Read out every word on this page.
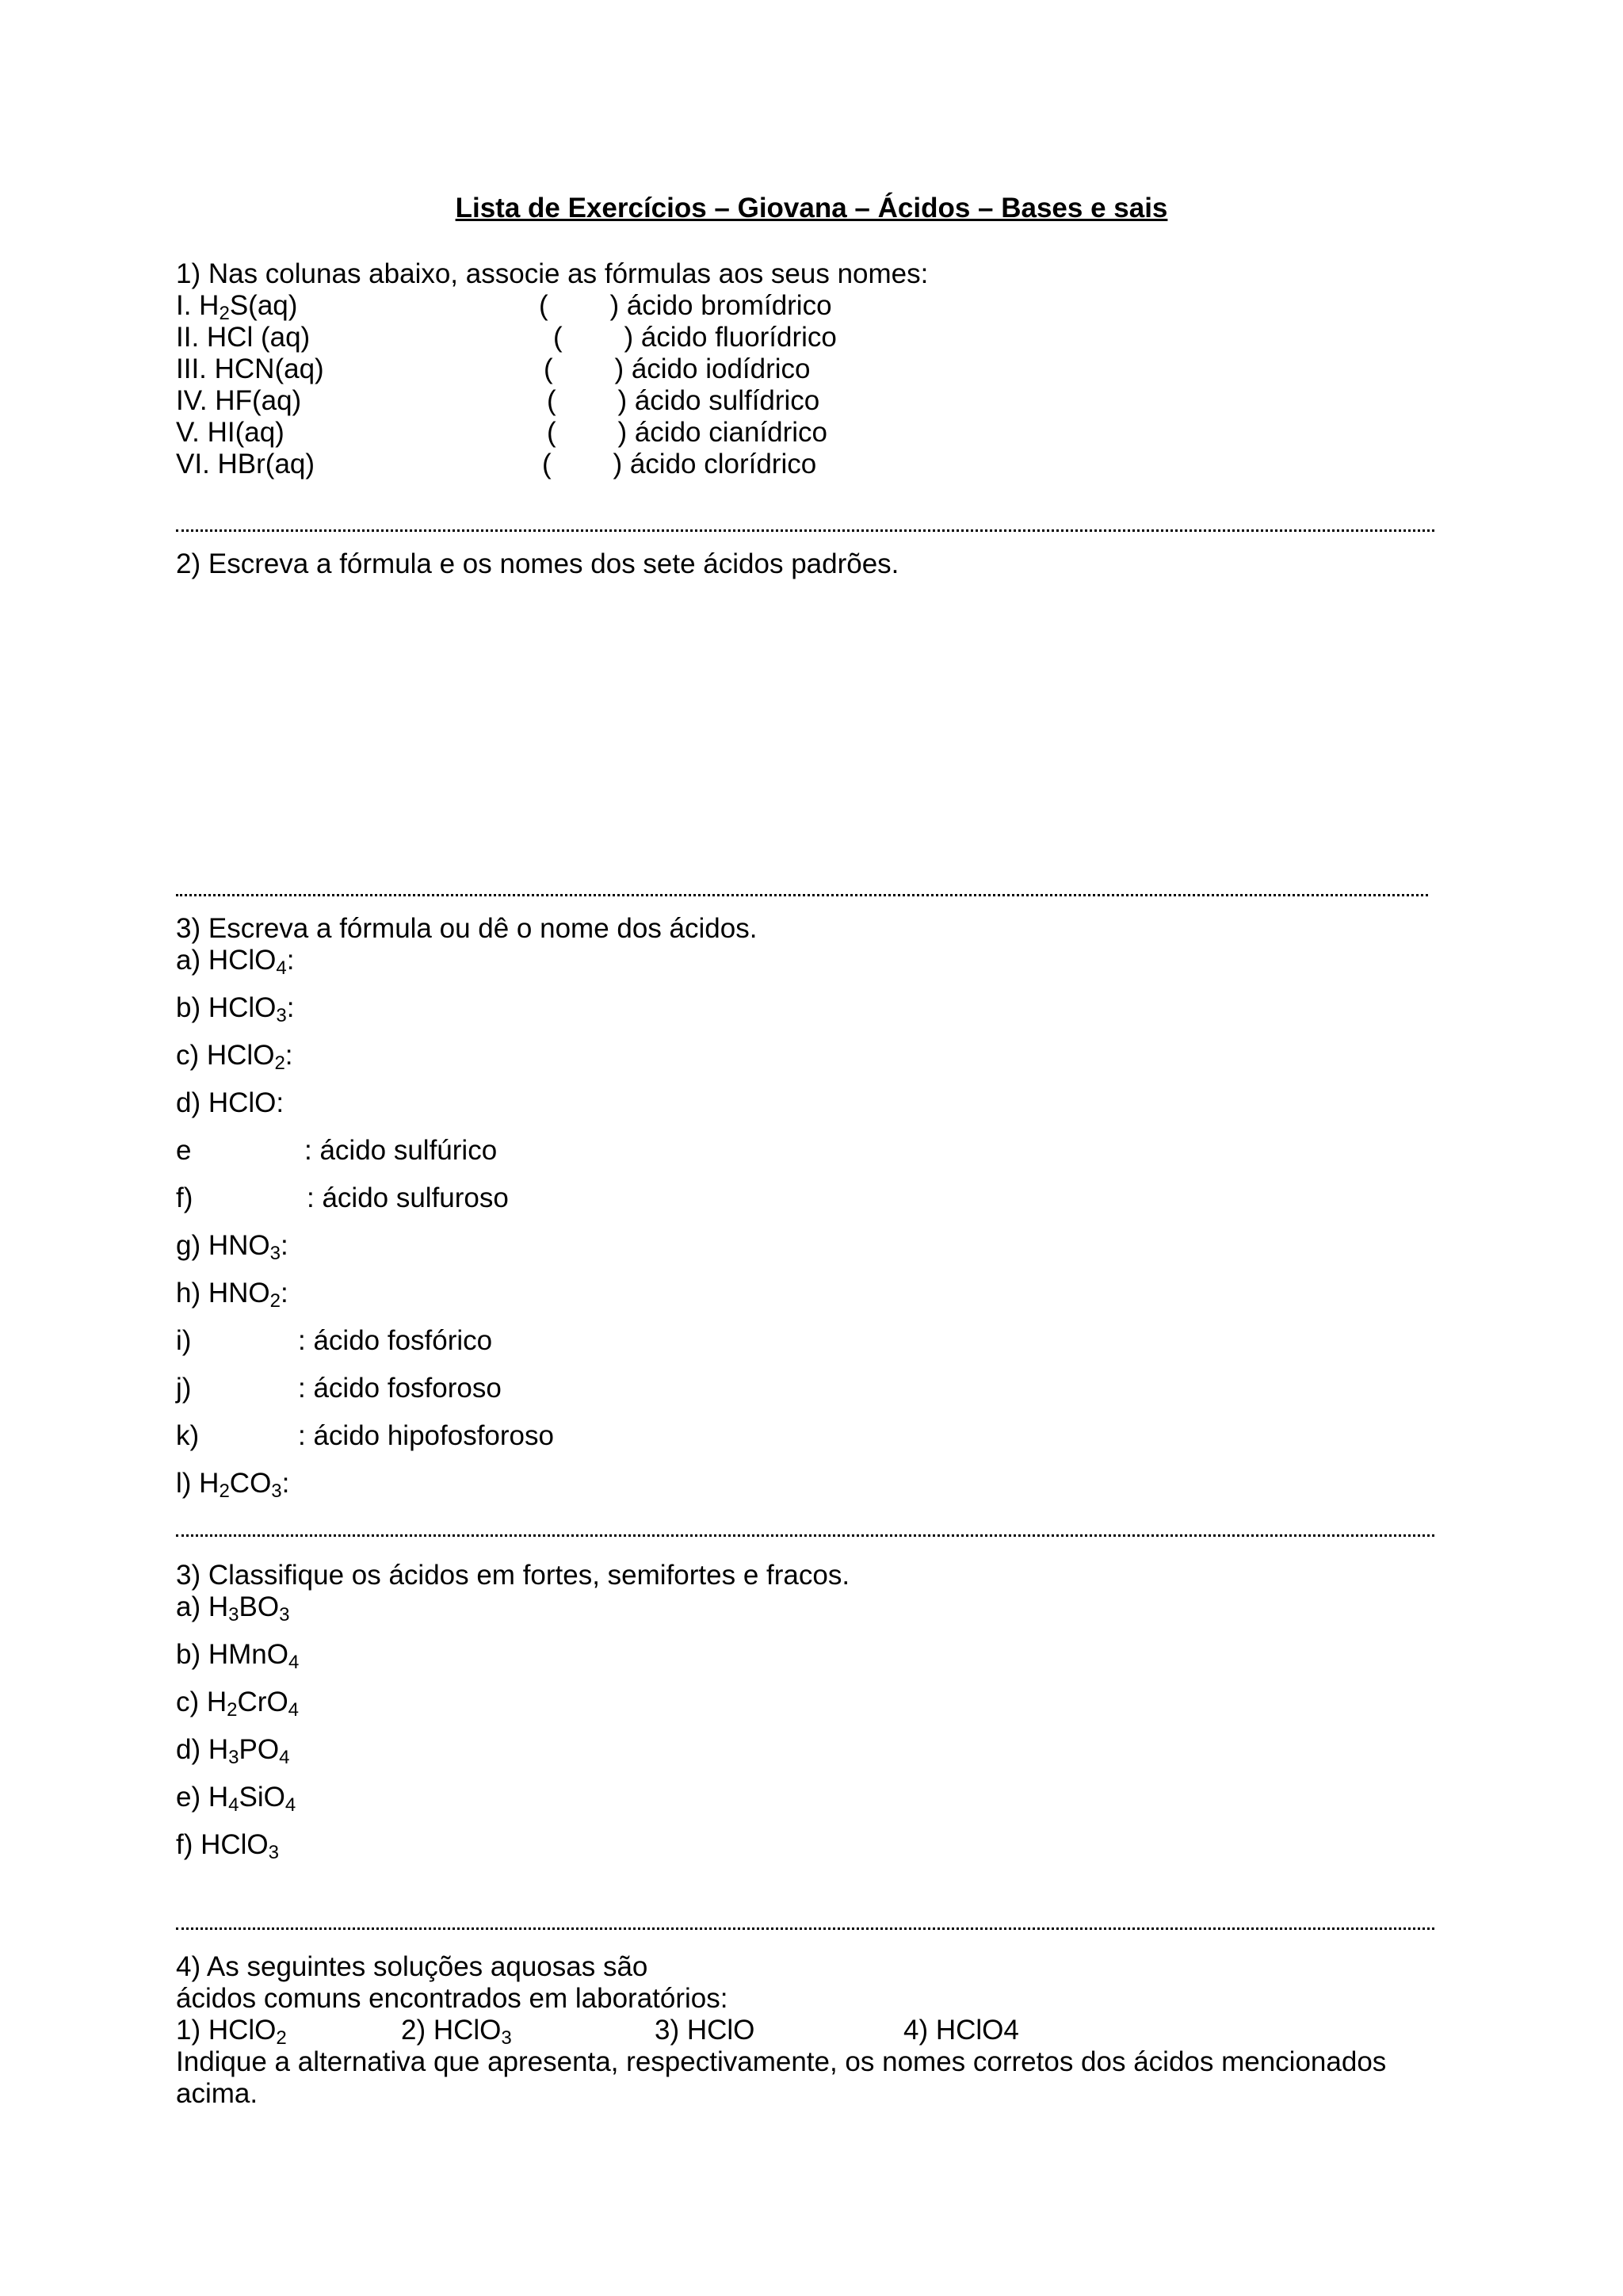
Lista de Exercícios – Giovana – Ácidos – Bases e sais
1) Nas colunas abaixo, associe as fórmulas aos seus nomes:
I. $H_2S(aq)$	(        ) ácido bromídrico
II. HCl (aq)	(        ) ácido fluorídrico
III. HCN(aq)	(        ) ácido iodídrico
IV. HF(aq)	(        ) ácido sulfídrico
V. HI(aq)	(        ) ácido cianídrico
VI. HBr(aq)	(        ) ácido clorídrico
2) Escreva a fórmula e os nomes dos sete ácidos padrões.
3) Escreva a fórmula ou dê o nome dos ácidos.
a) HClO$_4$:
b) HClO$_3$:
c) HClO$_2$:
d) HClO:
e	: ácido sulfúrico
f)	: ácido sulfuroso
g) $HNO_3$:
h) $HNO_2$:
i)	: ácido fosfórico
j)	: ácido fosforoso
k)	: ácido hipofosforoso
l) $H_2CO_3$:
3) Classifique os ácidos em fortes, semifortes e fracos.
a) $H_3BO_3$
b) HMnO$_4$
c) $H_2CrO_4$
d) $H_3PO_4$
e) $H_4SiO_4$
f) HClO$_3$
4) As seguintes soluções aquosas são
ácidos comuns encontrados em laboratórios:
1) HClO$_2$	2) HClO$_3$	3) HClO	4) HClO4
Indique a alternativa que apresenta, respectivamente, os nomes corretos dos ácidos mencionados
acima.
